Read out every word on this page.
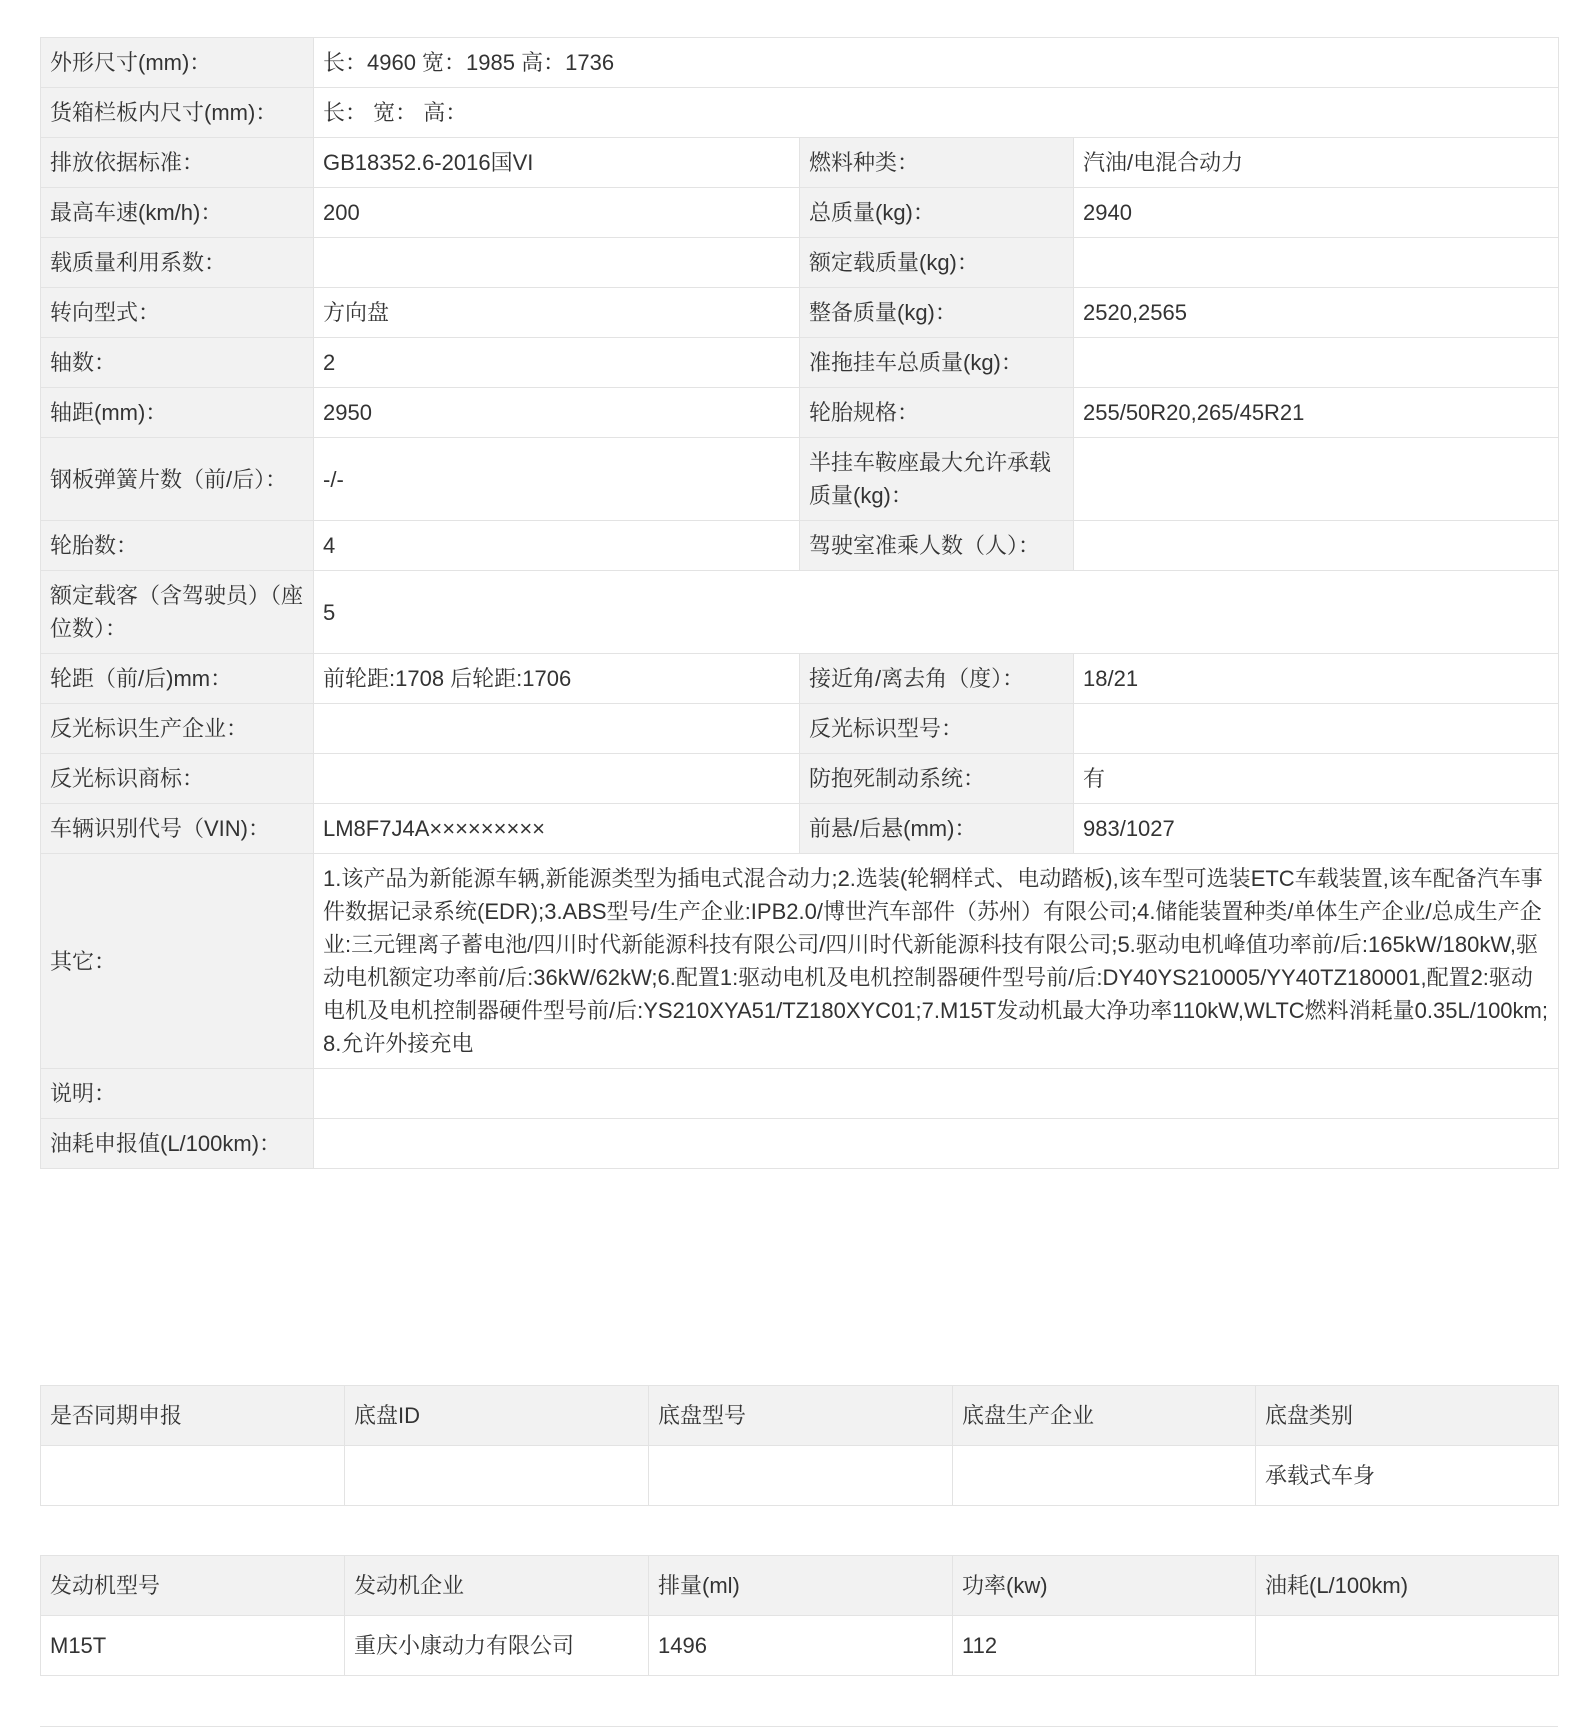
外形尺寸(mm)：	长：4960 宽：1985 高：1736		
货箱栏板内尺寸(mm)：	长： 宽： 高：		
排放依据标准：	GB18352.6-2016国VI	燃料种类：	汽油/电混合动力
最高车速(km/h)：	200	总质量(kg)：	2940
载质量利用系数：		额定载质量(kg)：	
转向型式：	方向盘	整备质量(kg)：	2520,2565
轴数：	2	准拖挂车总质量(kg)：	
轴距(mm)：	2950	轮胎规格：	255/50R20,265/45R21
钢板弹簧片数（前/后）：	-/-	半挂车鞍座最大允许承载质量(kg)：	
轮胎数：	4	驾驶室准乘人数（人）：	
额定载客（含驾驶员）（座位数）：	5		
轮距（前/后)mm：	前轮距:1708 后轮距:1706	接近角/离去角（度）：	18/21
反光标识生产企业：		反光标识型号：	
反光标识商标：		防抱死制动系统：	有
车辆识别代号（VIN)：	LM8F7J4A×××××××××	前悬/后悬(mm)：	983/1027
其它：	1.该产品为新能源车辆,新能源类型为插电式混合动力;2.选装(轮辋样式、电动踏板),该车型可选装ETC车载装置,该车配备汽车事件数据记录系统(EDR);3.ABS型号/生产企业:IPB2.0/博世汽车部件（苏州）有限公司;4.储能装置种类/单体生产企业/总成生产企业:三元锂离子蓄电池/四川时代新能源科技有限公司/四川时代新能源科技有限公司;5.驱动电机峰值功率前/后:165kW/180kW,驱动电机额定功率前/后:36kW/62kW;6.配置1:驱动电机及电机控制器硬件型号前/后:DY40YS210005/YY40TZ180001,配置2:驱动电机及电机控制器硬件型号前/后:YS210XYA51/TZ180XYC01;7.M15T发动机最大净功率110kW,WLTC燃料消耗量0.35L/100km;8.允许外接充电		
说明：			
油耗申报值(L/100km)：			
是否同期申报	底盘ID	底盘型号	底盘生产企业	底盘类别
				承载式车身
发动机型号	发动机企业	排量(ml)	功率(kw)	油耗(L/100km)
M15T	重庆小康动力有限公司	1496	112	
